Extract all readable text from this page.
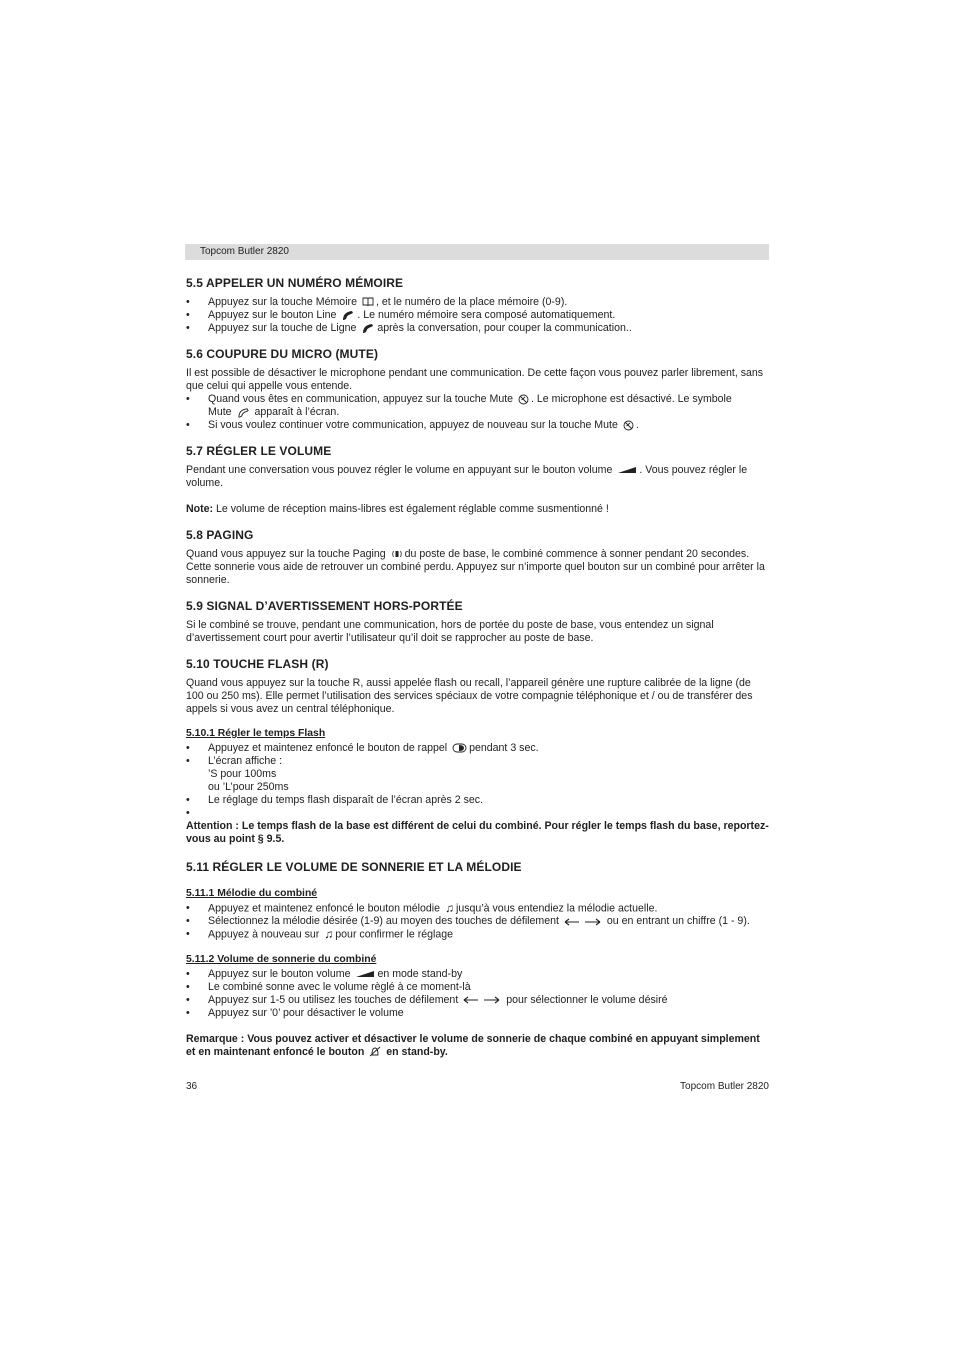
Topcom Butler 2820
5.5 APPELER UN NUMÉRO MÉMOIRE
• Appuyez sur la touche Mémoire , et le numéro de la place mémoire (0-9).
• Appuyez sur le bouton Line . Le numéro mémoire sera composé automatiquement.
• Appuyez sur la touche de Ligne après la conversation, pour couper la communication..
5.6 COUPURE DU MICRO (MUTE)

Il est possible de désactiver le microphone pendant une communication. De cette façon vous pouvez parler librement, sans que celui qui appelle vous entende.

• Quand vous êtes en communication, appuyez sur la touche Mute . Le microphone est désactivé. Le symbole
Mute apparaît à l’écran.
• Si vous voulez continuer votre communication, appuyez de nouveau sur la touche Mute .
5.7 RÉGLER LE VOLUME

Pendant une conversation vous pouvez régler le volume en appuyant sur le bouton volume	. Vous pouvez régler le volume.

Note: Le volume de réception mains-libres est également réglable comme susmentionné !

5.8 PAGING

Quand vous appuyez sur la touche Paging du poste de base, le combiné commence à sonner pendant 20 secondes. Cette sonnerie vous aide de retrouver un combiné perdu. Appuyez sur n’importe quel bouton sur un combiné pour arrêter la sonnerie.

5.9 SIGNAL D’AVERTISSEMENT HORS-PORTÉE

Si le combiné se trouve, pendant une communication, hors de portée du poste de base, vous entendez un signal d’avertissement court pour avertir l’utilisateur qu’il doit se rapprocher au poste de base.

5.10 TOUCHE FLASH (R)

Quand vous appuyez sur la touche R, aussi appelée flash ou recall, l’appareil génère une rupture calibrée de la ligne (de 100 ou 250 ms). Elle permet l’utilisation des services spéciaux de votre compagnie téléphonique et / ou de transférer des appels si vous avez un central téléphonique.

5.10.1 Régler le temps Flash
• Appuyez et maintenez enfoncé le bouton de rappel pendant 3 sec.
• L’écran affiche :
’S pour 100ms
ou ’L’pour 250ms
• Le réglage du temps flash disparaît de l’écran après 2 sec.
•

Attention : Le temps flash de la base est différent de celui du combiné. Pour régler le temps flash du base, reportez-vous au point § 9.5.

5.11 RÉGLER LE VOLUME DE SONNERIE ET LA MÉLODIE
5.11.1 Mélodie du combiné
• Appuyez et maintenez enfoncé le bouton mélodie ♫ jusqu’à vous entendiez la mélodie actuelle.
• Sélectionnez la mélodie désirée (1-9) au moyen des touches de défilement	ou en entrant un chiffre (1 - 9).
• Appuyez à nouveau sur ♫ pour confirmer le réglage
5.11.2 Volume de sonnerie du combiné
• Appuyez sur le bouton volume	en mode stand-by
• Le combiné sonne avec le volume règlé à ce moment-là
• Appuyez sur 1-5 ou utilisez les touches de défilement	pour sélectionner le volume désiré
• Appuyez sur ’0’ pour désactiver le volume

Remarque : Vous pouvez activer et désactiver le volume de sonnerie de chaque combiné en appuyant simplement et en maintenant enfoncé le bouton en stand-by.

36	Topcom Butler 2820
